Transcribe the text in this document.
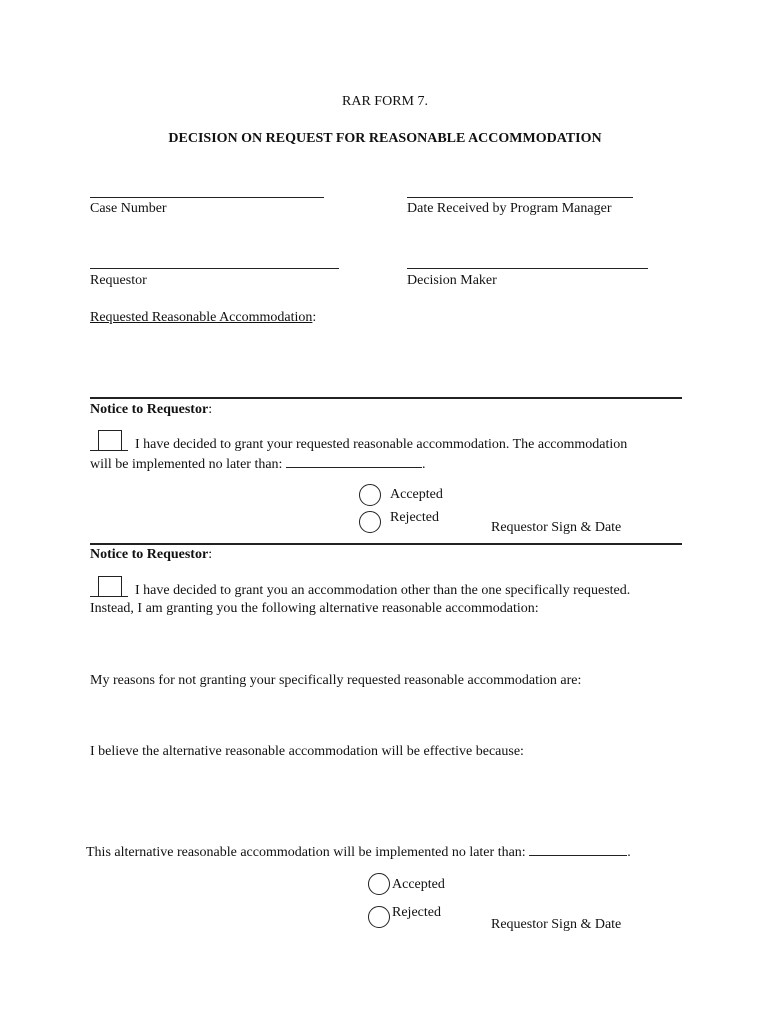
RAR FORM 7.
DECISION ON REQUEST FOR REASONABLE ACCOMMODATION
Case Number	Date Received by Program Manager
Requestor	Decision Maker
Requested Reasonable Accommodation:
Notice to Requestor:
I have decided to grant your requested reasonable accommodation. The accommodation
will be implemented no later than:	.
Accepted
Rejected
Requestor Sign & Date
Notice to Requestor:
I have decided to grant you an accommodation other than the one specifically requested.
Instead, I am granting you the following alternative reasonable accommodation:
My reasons for not granting your specifically requested reasonable accommodation are:
I believe the alternative reasonable accommodation will be effective because:
This alternative reasonable accommodation will be implemented no later than:	.
Accepted
Rejected
Requestor Sign & Date
